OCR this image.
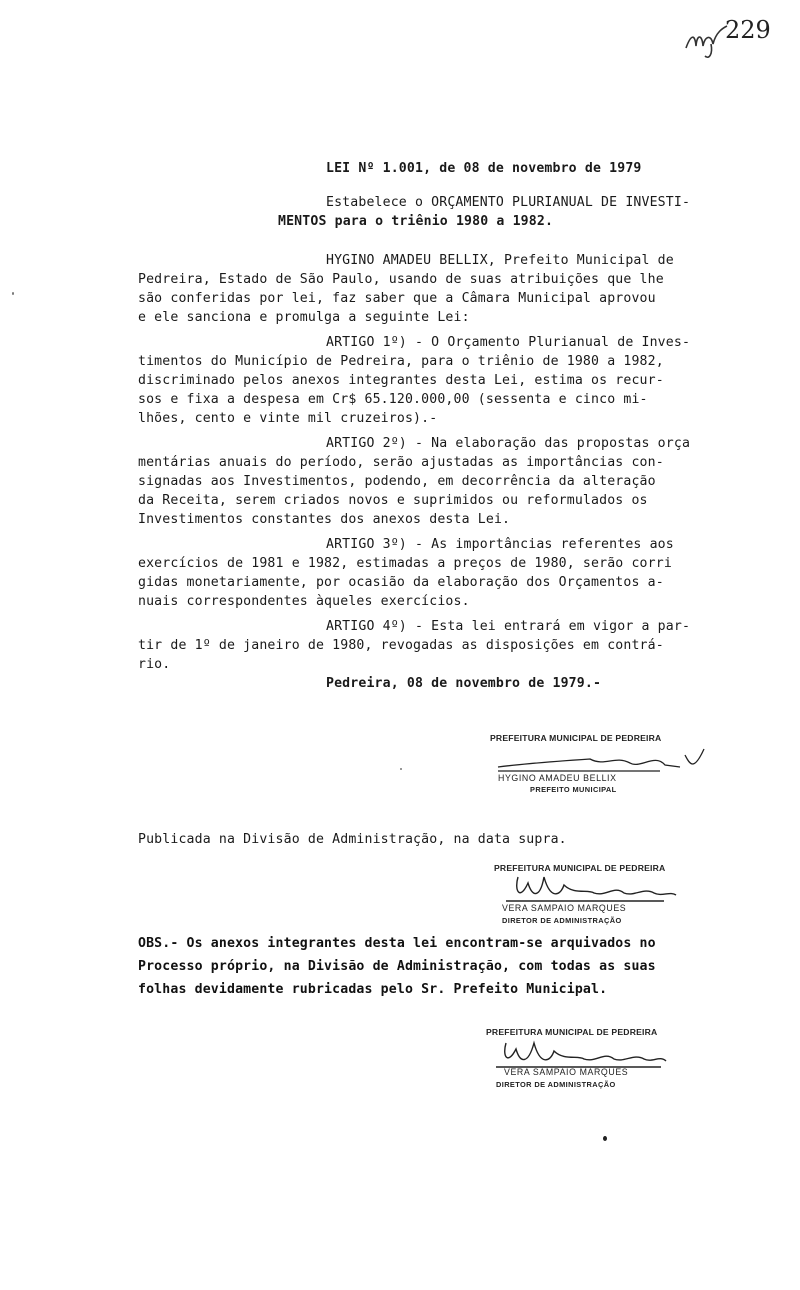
229
LEI Nº 1.001, de 08 de novembro de 1979
Estabelece o ORÇAMENTO PLURIANUAL DE INVESTI-
MENTOS para o triênio 1980 a 1982.
HYGINO AMADEU BELLIX, Prefeito Municipal de
Pedreira, Estado de São Paulo, usando de suas atribuições que lhe
são conferidas por lei, faz saber que a Câmara Municipal aprovou
e ele sanciona e promulga a seguinte Lei:
ARTIGO 1º) - O Orçamento Plurianual de Inves-
timentos do Município de Pedreira, para o triênio de 1980 a 1982,
discriminado pelos anexos integrantes desta Lei, estima os recur-
sos e fixa a despesa em Cr$ 65.120.000,00 (sessenta e cinco mi-
lhões, cento e vinte mil cruzeiros).-
ARTIGO 2º) - Na elaboração das propostas orça
mentárias anuais do período, serão ajustadas as importâncias con-
signadas aos Investimentos, podendo, em decorrência da alteração
da Receita, serem criados novos e suprimidos ou reformulados os
Investimentos constantes dos anexos desta Lei.
ARTIGO 3º) - As importâncias referentes aos
exercícios de 1981 e 1982, estimadas a preços de 1980, serão corri
gidas monetariamente, por ocasião da elaboração dos Orçamentos a-
nuais correspondentes àqueles exercícios.
ARTIGO 4º) - Esta lei entrará em vigor a par-
tir de 1º de janeiro de 1980, revogadas as disposições em contrá-
rio.
Pedreira, 08 de novembro de 1979.-
PREFEITURA MUNICIPAL DE PEDREIRA
HYGINO AMADEU BELLIX
PREFEITO MUNICIPAL
Publicada na Divisão de Administração, na data supra.
PREFEITURA MUNICIPAL DE PEDREIRA
VERA SAMPAIO MARQUES
DIRETOR DE ADMINISTRAÇÃO
OBS.- Os anexos integrantes desta lei encontram-se arquivados no
Processo próprio, na Divisão de Administração, com todas as suas
folhas devidamente rubricadas pelo Sr. Prefeito Municipal.
PREFEITURA MUNICIPAL DE PEDREIRA
VERA SAMPAIO MARQUES
DIRETOR DE ADMINISTRAÇÃO
